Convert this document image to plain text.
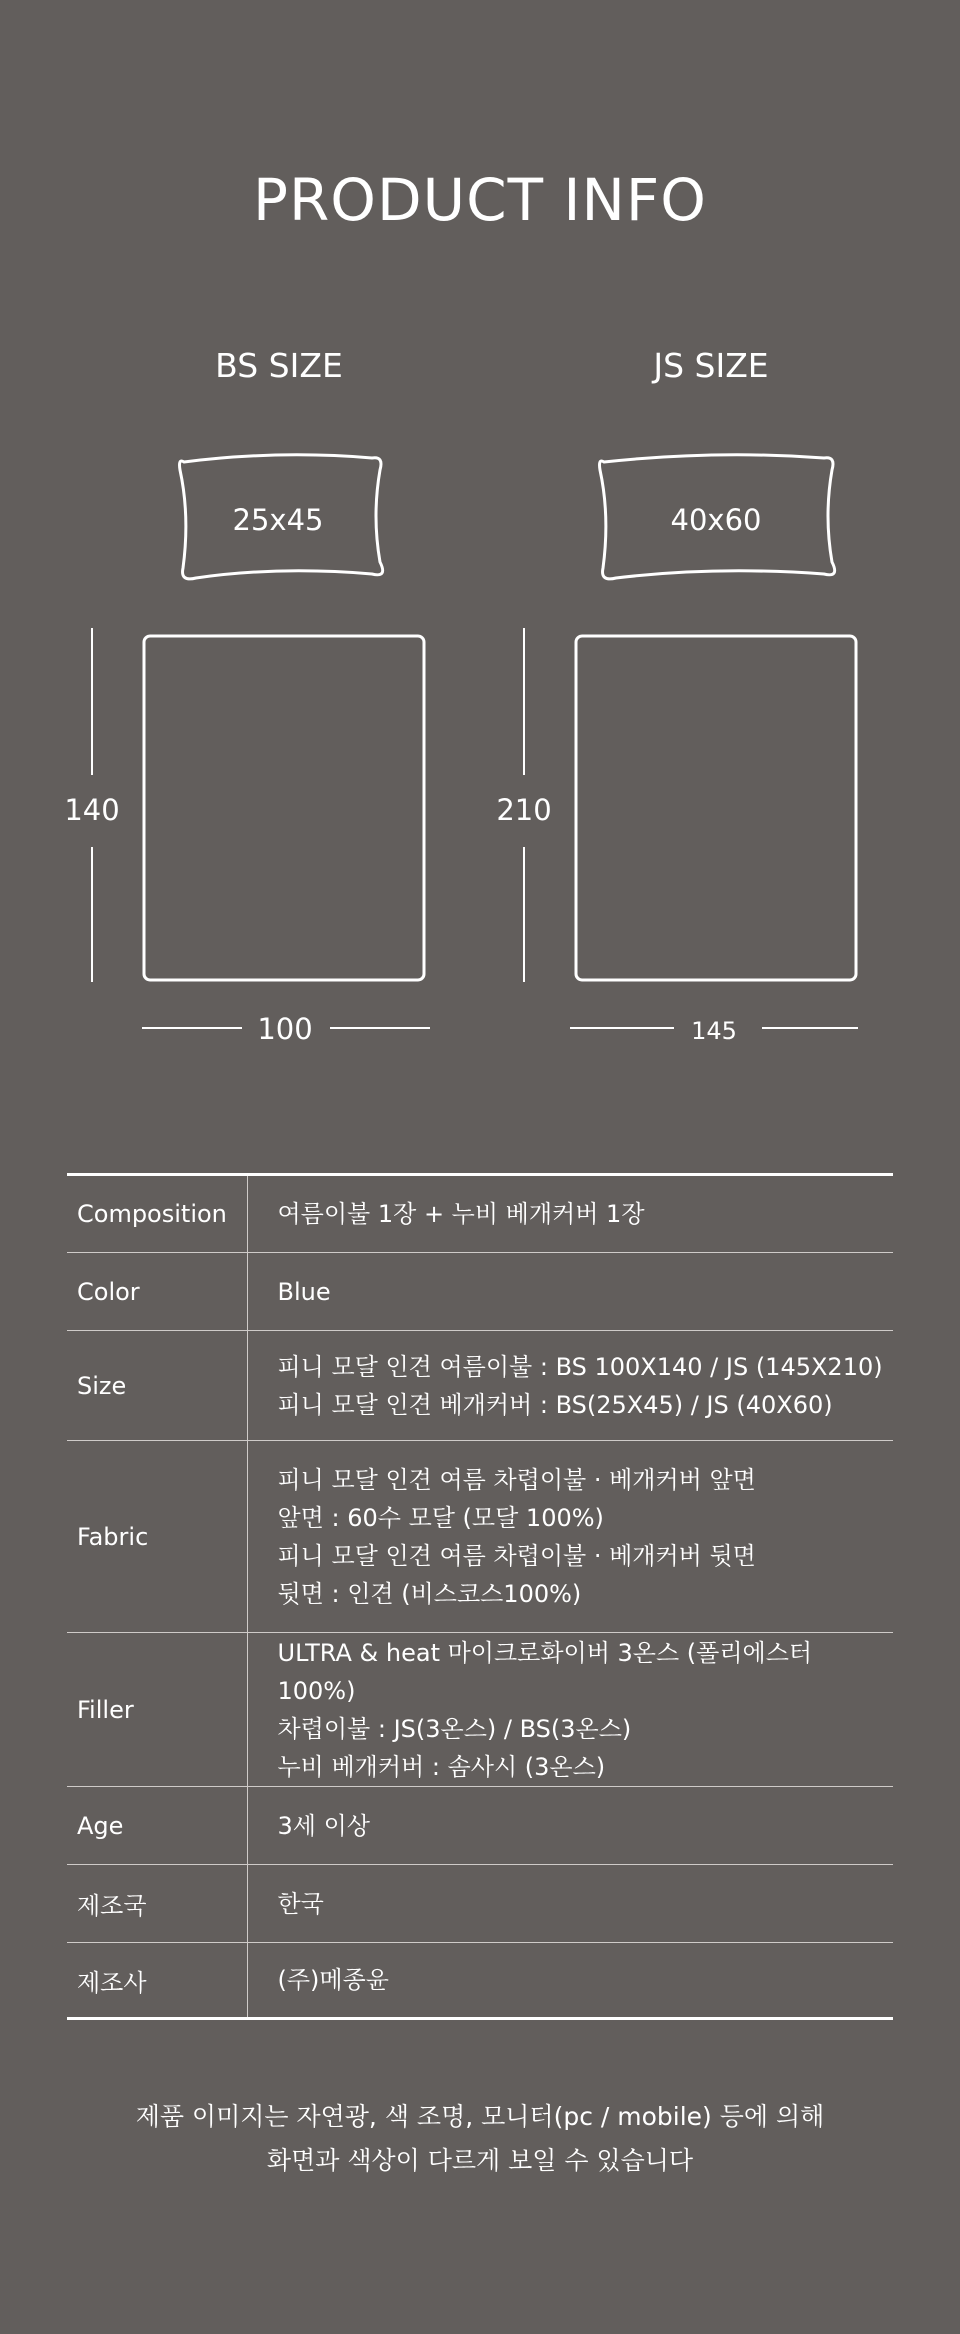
PRODUCT INFO
BS SIZE	JS SIZE
25x45	40x60
140	210
100	145
Composition	여름이불 1장 + 누비 베개커버 1장

Color	Blue

Size	피니 모달 인견 여름이불 : BS 100X140 / JS (145X210)
피니 모달 인견 베개커버 : BS(25X45) / JS (40X60)

Fabric	피니 모달 인견 여름 차렵이불 · 베개커버 앞면
앞면 : 60수 모달 (모달 100%)
피니 모달 인견 여름 차렵이불 · 베개커버 뒷면
뒷면 : 인견 (비스코스100%)

Filler	ULTRA & heat 마이크로화이버 3온스 (폴리에스터 100%)
차렵이불 : JS(3온스) / BS(3온스)
누비 베개커버 : 솜사시 (3온스)

Age	3세 이상

제조국	한국

제조사	(주)메종윤
제품 이미지는 자연광, 색 조명, 모니터(pc / mobile) 등에 의해
화면과 색상이 다르게 보일 수 있습니다
